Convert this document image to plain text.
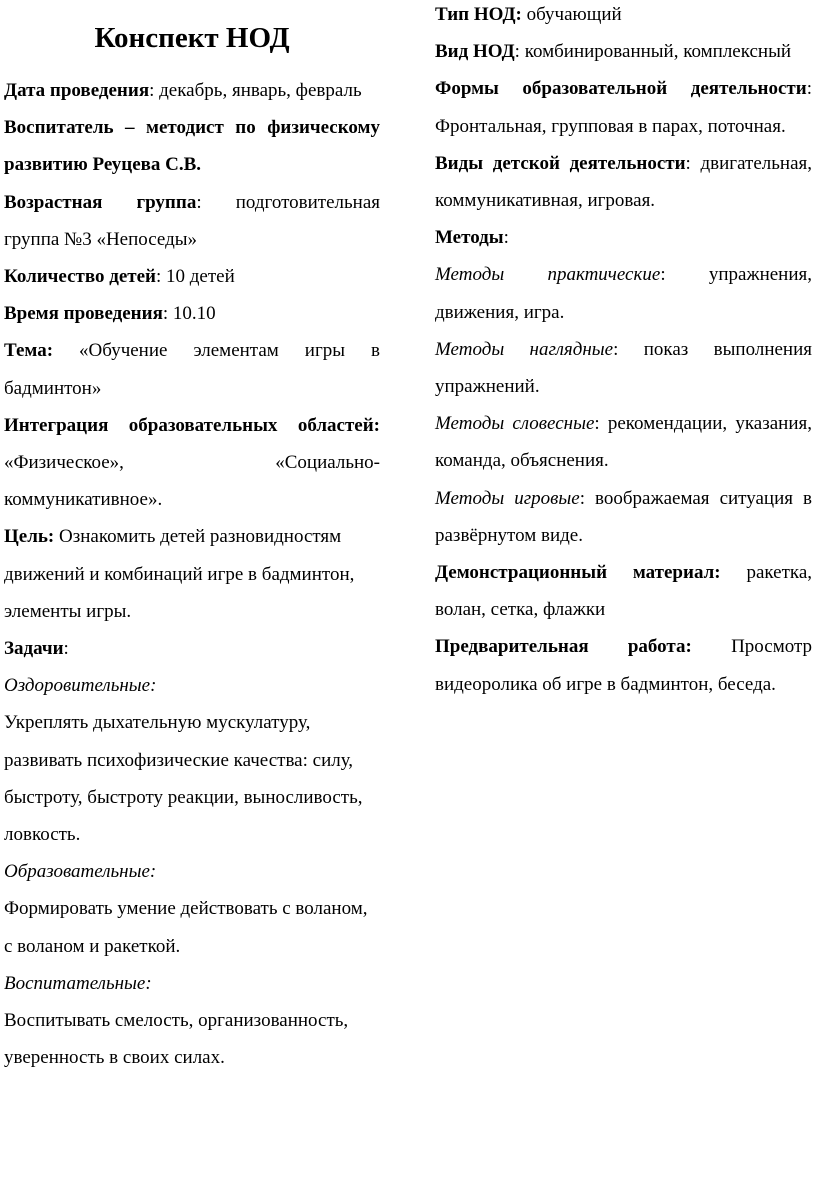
Конспект НОД

Дата проведения: декабрь, январь, февраль

Воспитатель – методист по физическому развитию Реуцева С.В.

Возрастная группа: подготовительная группа №3 «Непоседы»

Количество детей: 10 детей

Время проведения: 10.10

Тема: «Обучение элементам игры в бадминтон»

Интеграция образовательных областей: «Физическое», «Социально-коммуникативное».

Цель: Ознакомить детей разновидностям движений и комбинаций игре в бадминтон, элементы игры.

Задачи:

Оздоровительные:

Укреплять дыхательную мускулатуру, развивать психофизические качества: силу, быстроту, быстроту реакции, выносливость, ловкость.

Образовательные:

Формировать умение действовать с воланом, с воланом и ракеткой.

Воспитательные:

Воспитывать смелость, организованность, уверенность в своих силах.

Тип НОД: обучающий

Вид НОД: комбинированный, комплексный

Формы образовательной деятельности: Фронтальная, групповая в парах, поточная.

Виды детской деятельности: двигательная, коммуникативная, игровая.

Методы:

Методы практические: упражнения, движения, игра.

Методы наглядные: показ выполнения упражнений.

Методы словесные: рекомендации, указания, команда, объяснения.

Методы игровые: воображаемая ситуация в развёрнутом виде.

Демонстрационный материал: ракетка, волан, сетка, флажки

Предварительная работа: Просмотр видеоролика об игре в бадминтон, беседа.
